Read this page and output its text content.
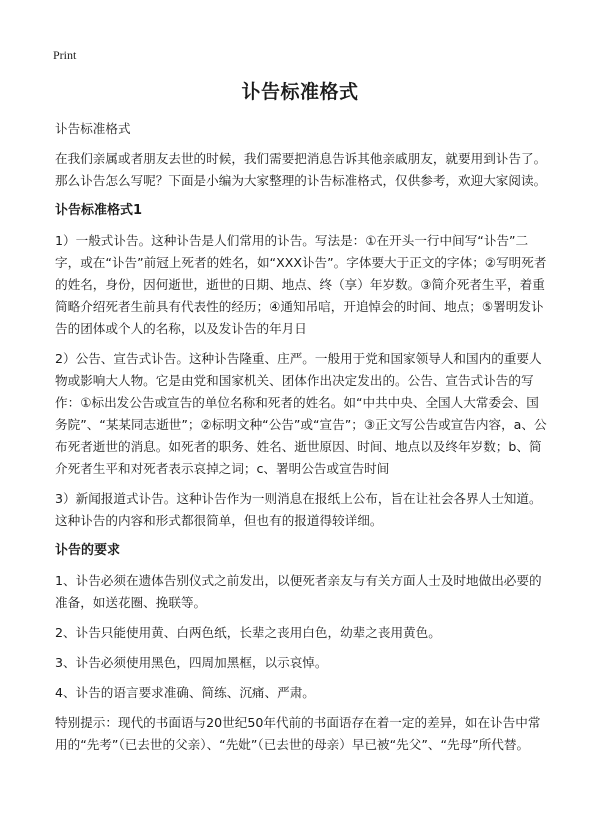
Print
讣告标准格式

讣告标准格式

在我们亲属或者朋友去世的时候，我们需要把消息告诉其他亲戚朋友，就要用到讣告了。那么讣告怎么写呢？下面是小编为大家整理的讣告标准格式，仅供参考，欢迎大家阅读。

讣告标准格式1

1）一般式讣告。这种讣告是人们常用的讣告。写法是：①在开头一行中间写“讣告”二字，或在“讣告”前冠上死者的姓名，如“XXX讣告”。字体要大于正文的字体；②写明死者的姓名，身份，因何逝世，逝世的日期、地点、终（享）年岁数。③简介死者生平，着重简略介绍死者生前具有代表性的经历；④通知吊唁，开追悼会的时间、地点；⑤署明发讣告的团体或个人的名称，以及发讣告的年月日

2）公告、宣告式讣告。这种讣告隆重、庄严。一般用于党和国家领导人和国内的重要人物或影响大人物。它是由党和国家机关、团体作出决定发出的。公告、宣告式讣告的写作：①标出发公告或宣告的单位名称和死者的姓名。如“中共中央、全国人大常委会、国务院”、“某某同志逝世”；②标明文种“公告”或“宣告”；③正文写公告或宣告内容，a、公布死者逝世的消息。如死者的职务、姓名、逝世原因、时间、地点以及终年岁数；b、简介死者生平和对死者表示哀掉之词；c、署明公告或宣告时间

3）新闻报道式讣告。这种讣告作为一则消息在报纸上公布，旨在让社会各界人士知道。这种讣告的内容和形式都很简单，但也有的报道得较详细。

讣告的要求

1、讣告必须在遗体告别仪式之前发出，以便死者亲友与有关方面人士及时地做出必要的准备，如送花圈、挽联等。

2、讣告只能使用黄、白两色纸，长辈之丧用白色，幼辈之丧用黄色。

3、讣告必须使用黑色，四周加黑框，以示哀悼。

4、讣告的语言要求准确、简练、沉痛、严肃。

特别提示：现代的书面语与20世纪50年代前的书面语存在着一定的差异，如在讣告中常用的“先考”（已去世的父亲）、“先妣”（已去世的母亲）早已被“先父”、“先母”所代替。
